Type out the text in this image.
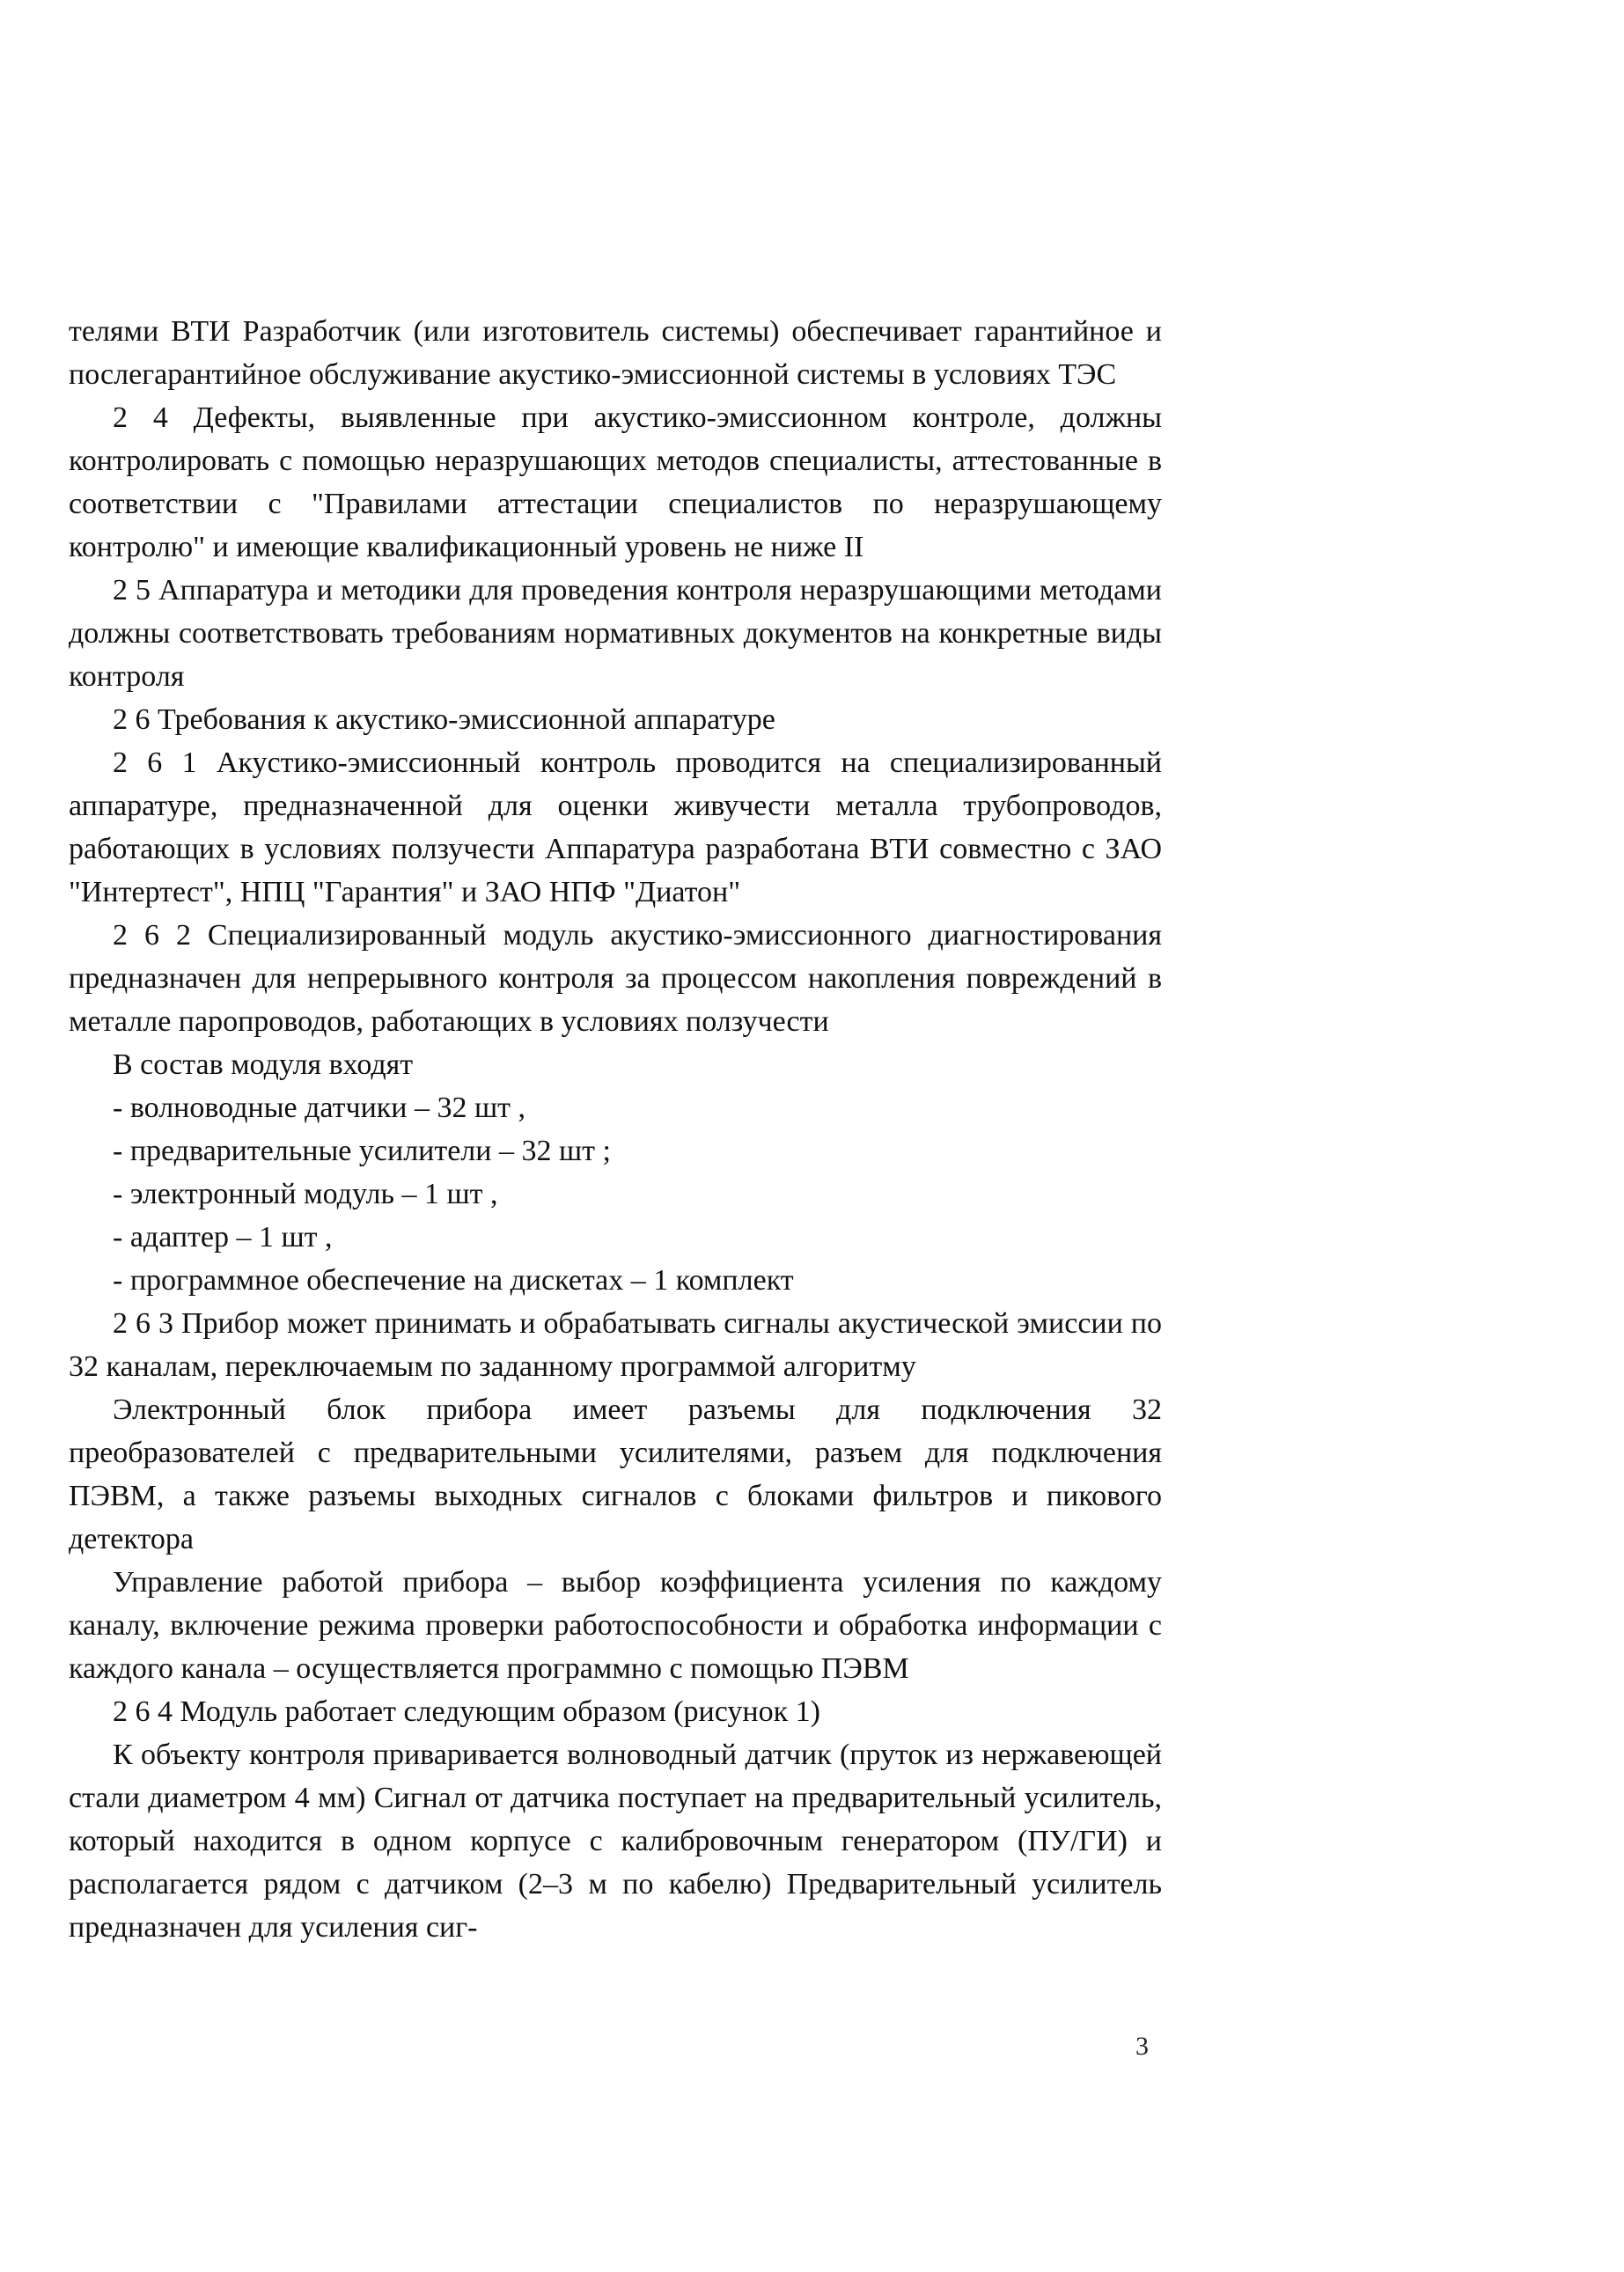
телями ВТИ Разработчик (или изготовитель системы) обеспечивает гарантийное и послегарантийное обслуживание акустико-эмиссионной системы в условиях ТЭС

2 4 Дефекты, выявленные при акустико-эмиссионном контроле, должны контролировать с помощью неразрушающих методов специалисты, аттестованные в соответствии с "Правилами аттестации специалистов по неразрушающему контролю" и имеющие квалификационный уровень не ниже II

2 5 Аппаратура и методики для проведения контроля неразрушающими методами должны соответствовать требованиям нормативных документов на конкретные виды контроля

2 6 Требования к акустико-эмиссионной аппаратуре

2 6 1 Акустико-эмиссионный контроль проводится на специализированный аппаратуре, предназначенной для оценки живучести металла трубопроводов, работающих в условиях ползучести Аппаратура разработана ВТИ совместно с ЗАО "Интертест", НПЦ "Гарантия" и ЗАО НПФ "Диатон"

2 6 2 Специализированный модуль акустико-эмиссионного диагностирования предназначен для непрерывного контроля за процессом накопления повреждений в металле паропроводов, работающих в условиях ползучести

В состав модуля входят

- волноводные датчики – 32 шт ,
- предварительные усилители – 32 шт ;
- электронный модуль – 1 шт ,
- адаптер – 1 шт ,
- программное обеспечение на дискетах – 1 комплект

2 6 3 Прибор может принимать и обрабатывать сигналы акустической эмиссии по 32 каналам, переключаемым по заданному программой алгоритму

Электронный блок прибора имеет разъемы для подключения 32 преобразователей с предварительными усилителями, разъем для подключения ПЭВМ, а также разъемы выходных сигналов с блоками фильтров и пикового детектора

Управление работой прибора – выбор коэффициента усиления по каждому каналу, включение режима проверки работоспособности и обработка информации с каждого канала – осуществляется программно с помощью ПЭВМ

2 6 4 Модуль работает следующим образом (рисунок 1)

К объекту контроля приваривается волноводный датчик (пруток из нержавеющей стали диаметром 4 мм) Сигнал от датчика поступает на предварительный усилитель, который находится в одном корпусе с калибровочным генератором (ПУ/ГИ) и располагается рядом с датчиком (2–3 м по кабелю) Предварительный усилитель предназначен для усиления сиг-

3
